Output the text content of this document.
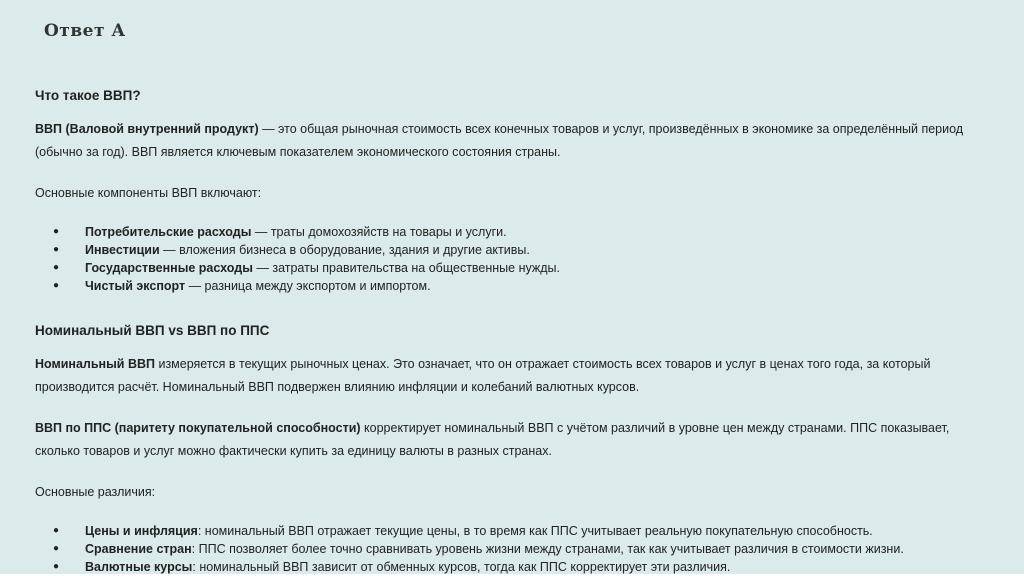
Ответ А

Что такое ВВП?

ВВП (Валовой внутренний продукт) — это общая рыночная стоимость всех конечных товаров и услуг, произведённых в экономике за определённый период (обычно за год). ВВП является ключевым показателем экономического состояния страны.

Основные компоненты ВВП включают:

● Потребительские расходы — траты домохозяйств на товары и услуги.
● Инвестиции — вложения бизнеса в оборудование, здания и другие активы.
● Государственные расходы — затраты правительства на общественные нужды.
● Чистый экспорт — разница между экспортом и импортом.

Номинальный ВВП vs ВВП по ППС

Номинальный ВВП измеряется в текущих рыночных ценах. Это означает, что он отражает стоимость всех товаров и услуг в ценах того года, за который производится расчёт. Номинальный ВВП подвержен влиянию инфляции и колебаний валютных курсов.

ВВП по ППС (паритету покупательной способности) корректирует номинальный ВВП с учётом различий в уровне цен между странами. ППС показывает, сколько товаров и услуг можно фактически купить за единицу валюты в разных странах.

Основные различия:

● Цены и инфляция: номинальный ВВП отражает текущие цены, в то время как ППС учитывает реальную покупательную способность.
● Сравнение стран: ППС позволяет более точно сравнивать уровень жизни между странами, так как учитывает различия в стоимости жизни.
● Валютные курсы: номинальный ВВП зависит от обменных курсов, тогда как ППС корректирует эти различия.
